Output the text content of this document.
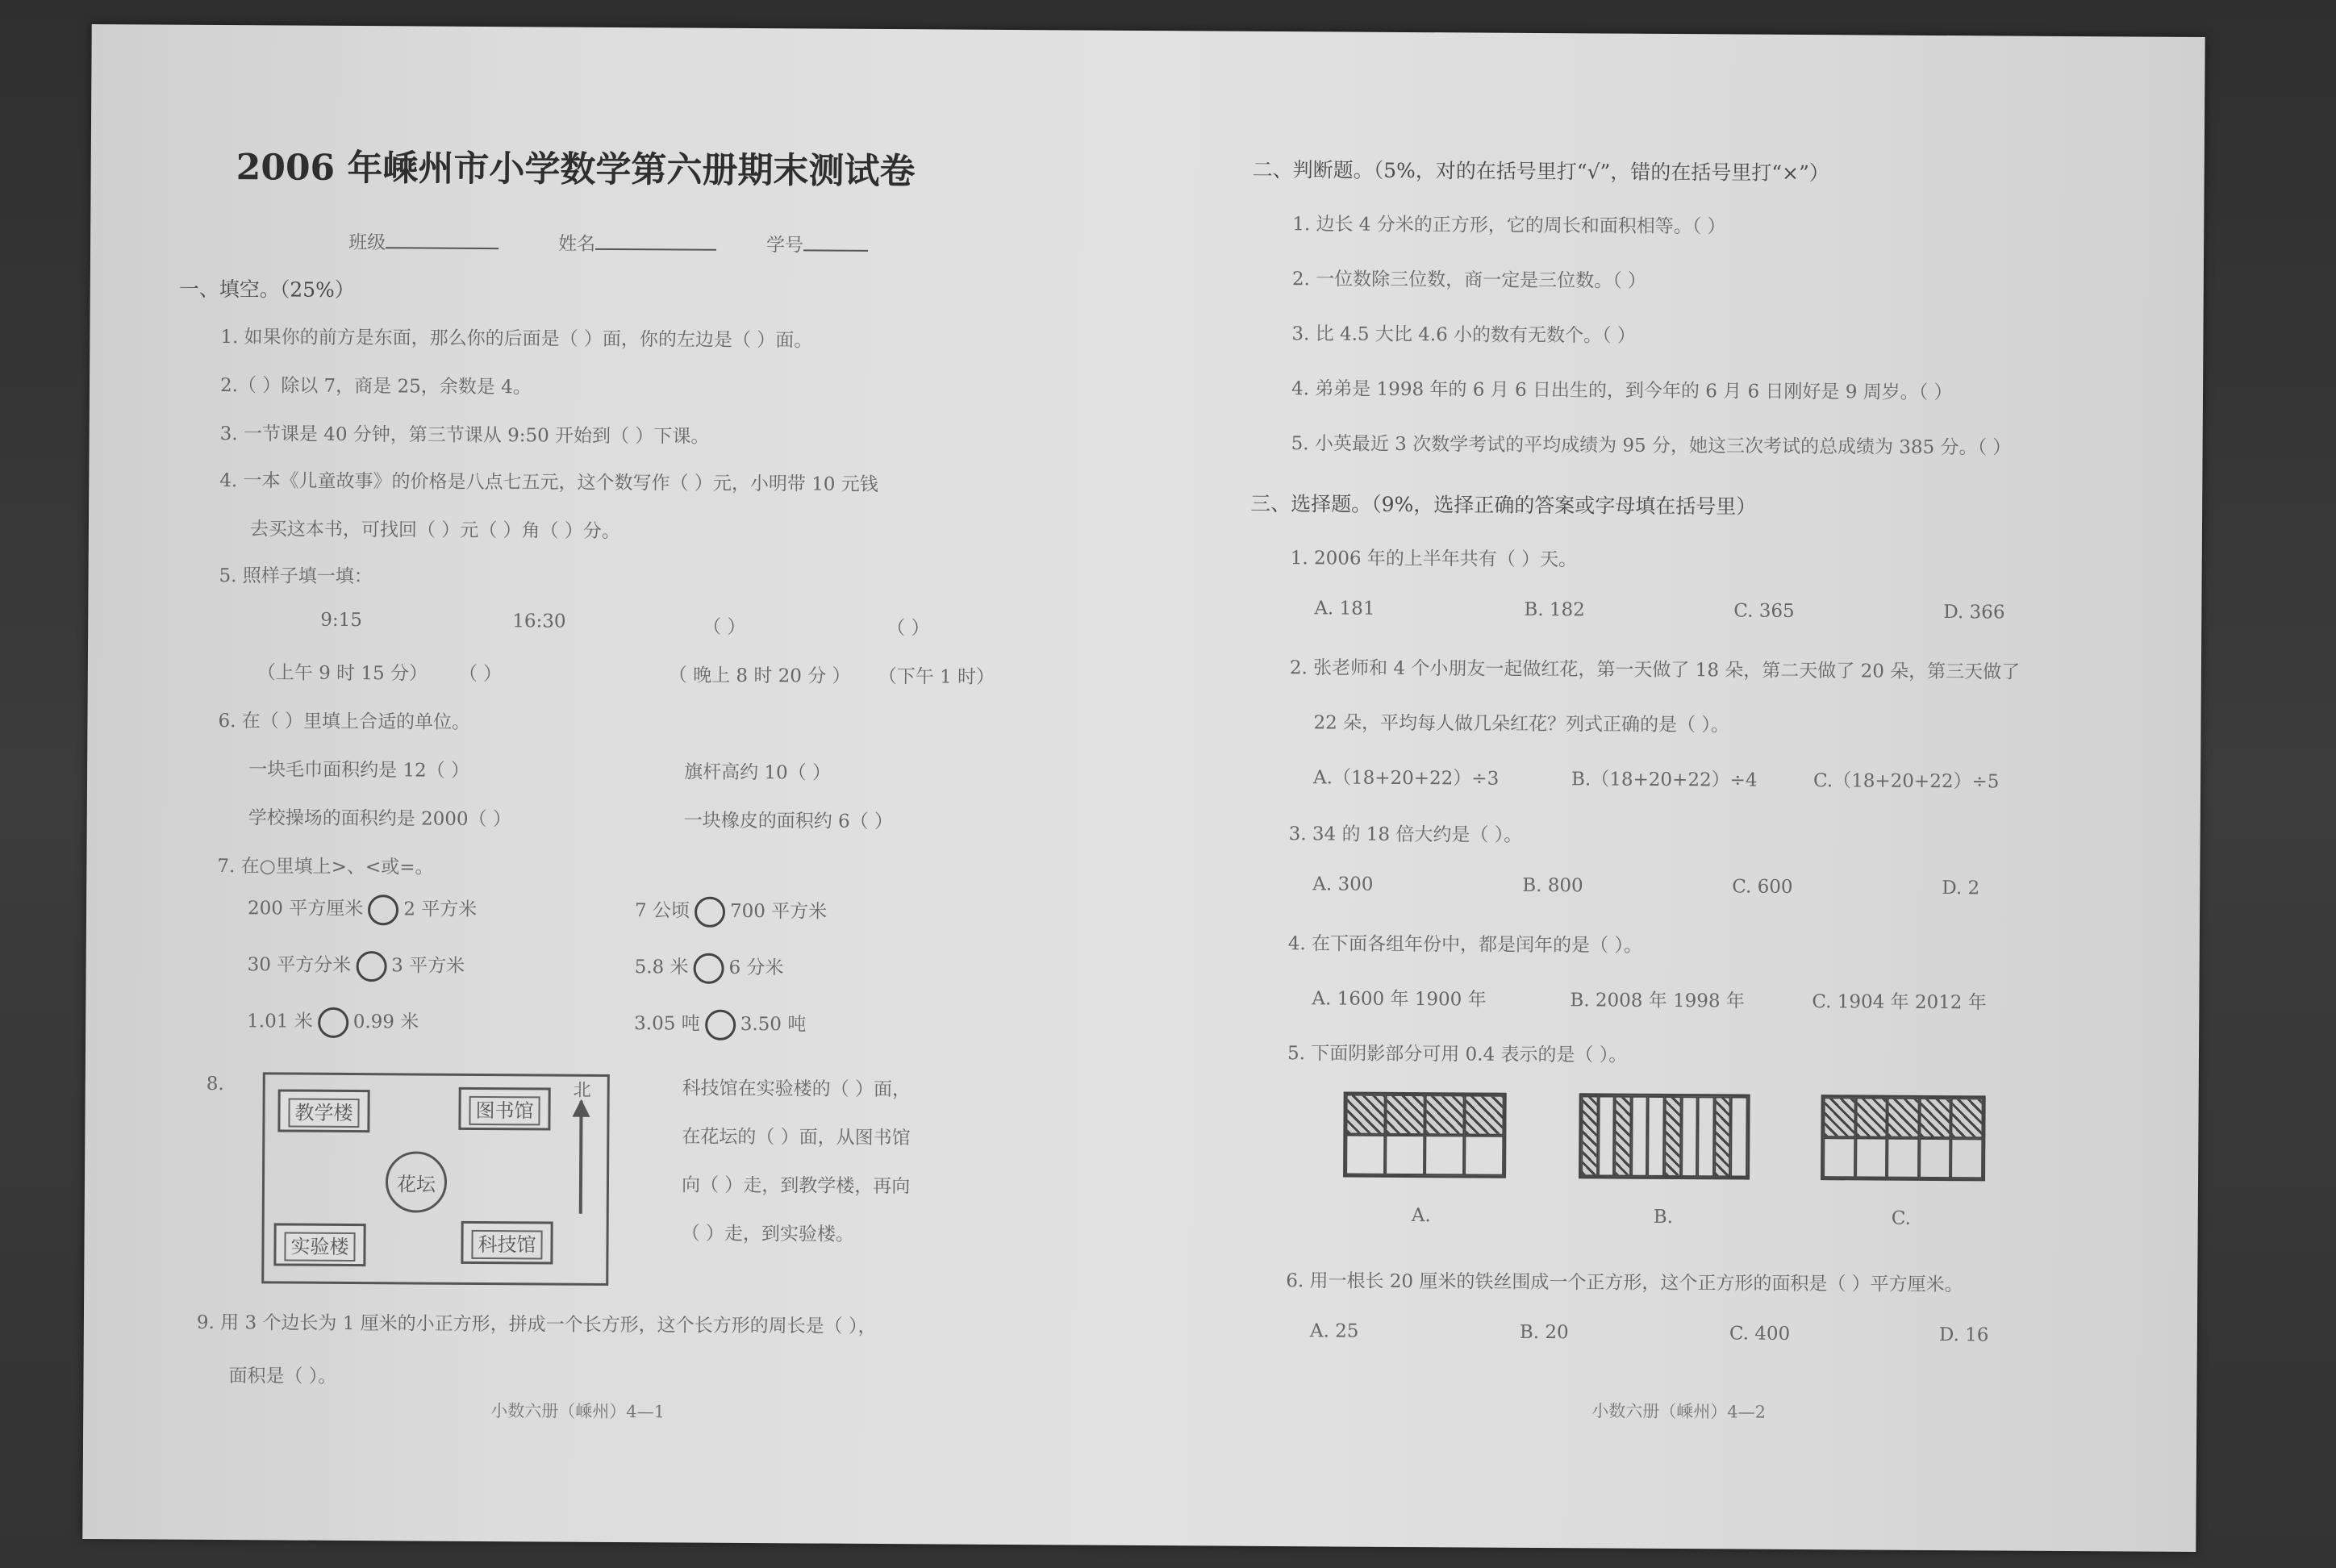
2006 年嵊州市小学数学第六册期末测试卷
班级	姓名	学号
一、填空。（25%）
1. 如果你的前方是东面，那么你的后面是（ ）面，你的左边是（ ）面。
2.（ ）除以 7，商是 25，余数是 4。
3. 一节课是 40 分钟，第三节课从 9:50 开始到（ ）下课。
4. 一本《儿童故事》的价格是八点七五元，这个数写作（ ）元，小明带 10 元钱
去买这本书，可找回（ ）元（ ）角（ ）分。
5. 照样子填一填：
9:15	16:30	（ ）	（ ）
（上午 9 时 15 分） （ ）	（ 晚上 8 时 20 分 ） （下午 1 时）
6. 在（ ）里填上合适的单位。
一块毛巾面积约是 12（ ）	旗杆高约 10（ ）
学校操场的面积约是 2000（ ）	一块橡皮的面积约 6（ ）
7. 在○里填上>、<或=。
200 平方厘米 2 平方米	7 公顷 700 平方米
30 平方分米 3 平方米	5.8 米 6 分米
1.01 米 0.99 米	3.05 吨 3.50 吨
8.
教学楼	图书馆
花坛
实验楼	科技馆
北	科技馆在实验楼的（ ）面，
在花坛的（ ）面，从图书馆
向（ ）走，到教学楼，再向
（ ）走，到实验楼。
9. 用 3 个边长为 1 厘米的小正方形，拼成一个长方形，这个长方形的周长是（ ），
面积是（ ）。
小数六册（嵊州）4—1
二、判断题。（5%，对的在括号里打“√”，错的在括号里打“×”）
1. 边长 4 分米的正方形，它的周长和面积相等。（ ）
2. 一位数除三位数，商一定是三位数。（ ）
3. 比 4.5 大比 4.6 小的数有无数个。（ ）
4. 弟弟是 1998 年的 6 月 6 日出生的，到今年的 6 月 6 日刚好是 9 周岁。（ ）
5. 小英最近 3 次数学考试的平均成绩为 95 分，她这三次考试的总成绩为 385 分。（ ）
三、选择题。（9%，选择正确的答案或字母填在括号里）
1. 2006 年的上半年共有（ ）天。
A. 181	B. 182	C. 365	D. 366
2. 张老师和 4 个小朋友一起做红花，第一天做了 18 朵，第二天做了 20 朵，第三天做了
22 朵，平均每人做几朵红花？列式正确的是（ ）。
A.（18+20+22）÷3	B.（18+20+22）÷4	C.（18+20+22）÷5
3. 34 的 18 倍大约是（ ）。
A. 300	B. 800	C. 600	D. 2
4. 在下面各组年份中，都是闰年的是（ ）。
A. 1600 年 1900 年	B. 2008 年 1998 年	C. 1904 年 2012 年
5. 下面阴影部分可用 0.4 表示的是（ ）。
A.	B.	C.
6. 用一根长 20 厘米的铁丝围成一个正方形，这个正方形的面积是（ ）平方厘米。
A. 25	B. 20	C. 400	D. 16
小数六册（嵊州）4—2
